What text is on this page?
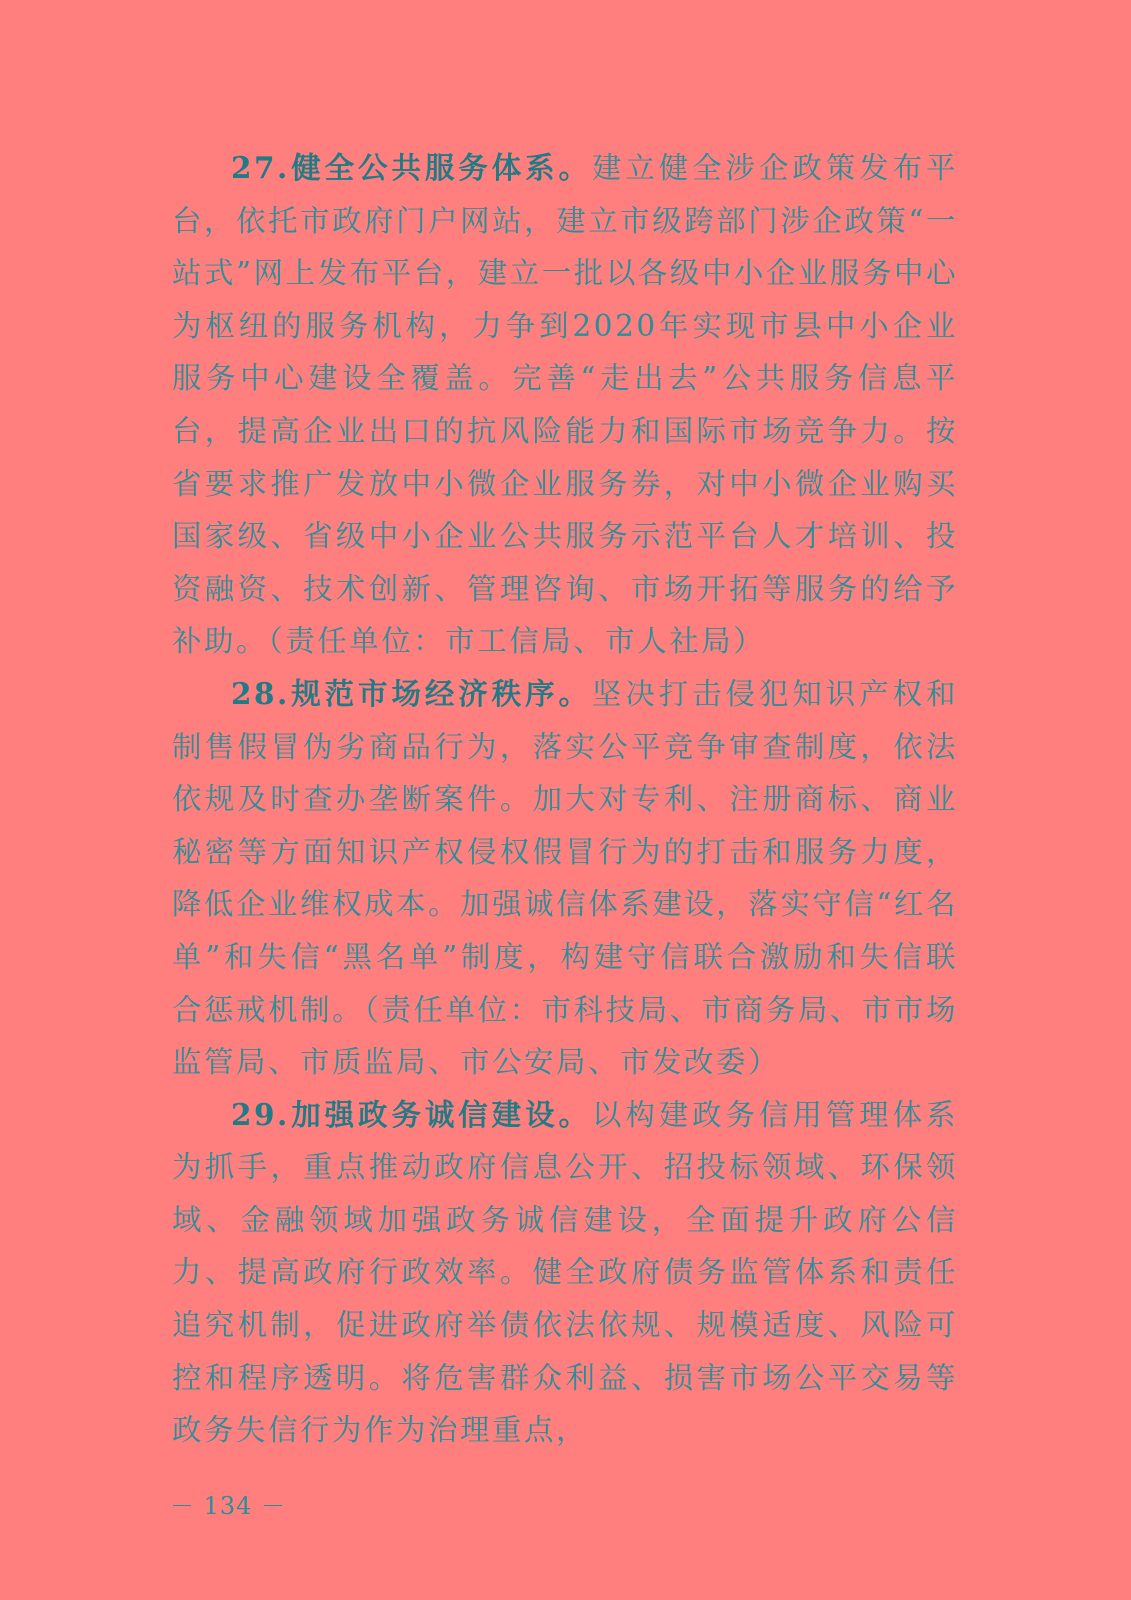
27.健全公共服务体系。建立健全涉企政策发布平台，依托市政府门户网站，建立市级跨部门涉企政策“一站式”网上发布平台，建立一批以各级中小企业服务中心为枢纽的服务机构，力争到2020年实现市县中小企业服务中心建设全覆盖。完善“走出去”公共服务信息平台，提高企业出口的抗风险能力和国际市场竞争力。按省要求推广发放中小微企业服务券，对中小微企业购买国家级、省级中小企业公共服务示范平台人才培训、投资融资、技术创新、管理咨询、市场开拓等服务的给予补助。（责任单位：市工信局、市人社局）

28.规范市场经济秩序。坚决打击侵犯知识产权和制售假冒伪劣商品行为，落实公平竞争审查制度，依法依规及时查办垄断案件。加大对专利、注册商标、商业秘密等方面知识产权侵权假冒行为的打击和服务力度，降低企业维权成本。加强诚信体系建设，落实守信“红名单”和失信“黑名单”制度，构建守信联合激励和失信联合惩戒机制。（责任单位：市科技局、市商务局、市市场监管局、市质监局、市公安局、市发改委）

29.加强政务诚信建设。以构建政务信用管理体系为抓手，重点推动政府信息公开、招投标领域、环保领域、金融领域加强政务诚信建设，全面提升政府公信力、提高政府行政效率。健全政府债务监管体系和责任追究机制，促进政府举债依法依规、规模适度、风险可控和程序透明。将危害群众利益、损害市场公平交易等政务失信行为作为治理重点，

－ 134 －
